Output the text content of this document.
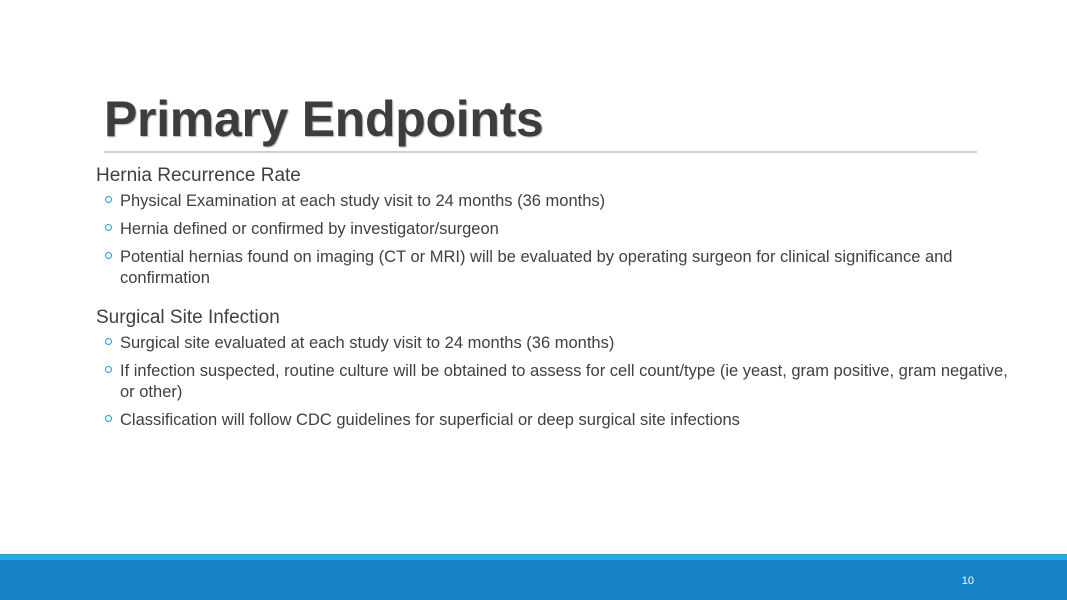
Primary Endpoints
Hernia Recurrence Rate
Physical Examination at each study visit to 24 months (36 months)
Hernia defined or confirmed by investigator/surgeon
Potential hernias found on imaging (CT or MRI) will be evaluated by operating surgeon for clinical significance and confirmation
Surgical Site Infection
Surgical site evaluated at each study visit to 24 months (36 months)
If infection suspected, routine culture will be obtained to assess for cell count/type (ie yeast, gram positive, gram negative, or other)
Classification will follow CDC guidelines for superficial or deep surgical site infections
10
